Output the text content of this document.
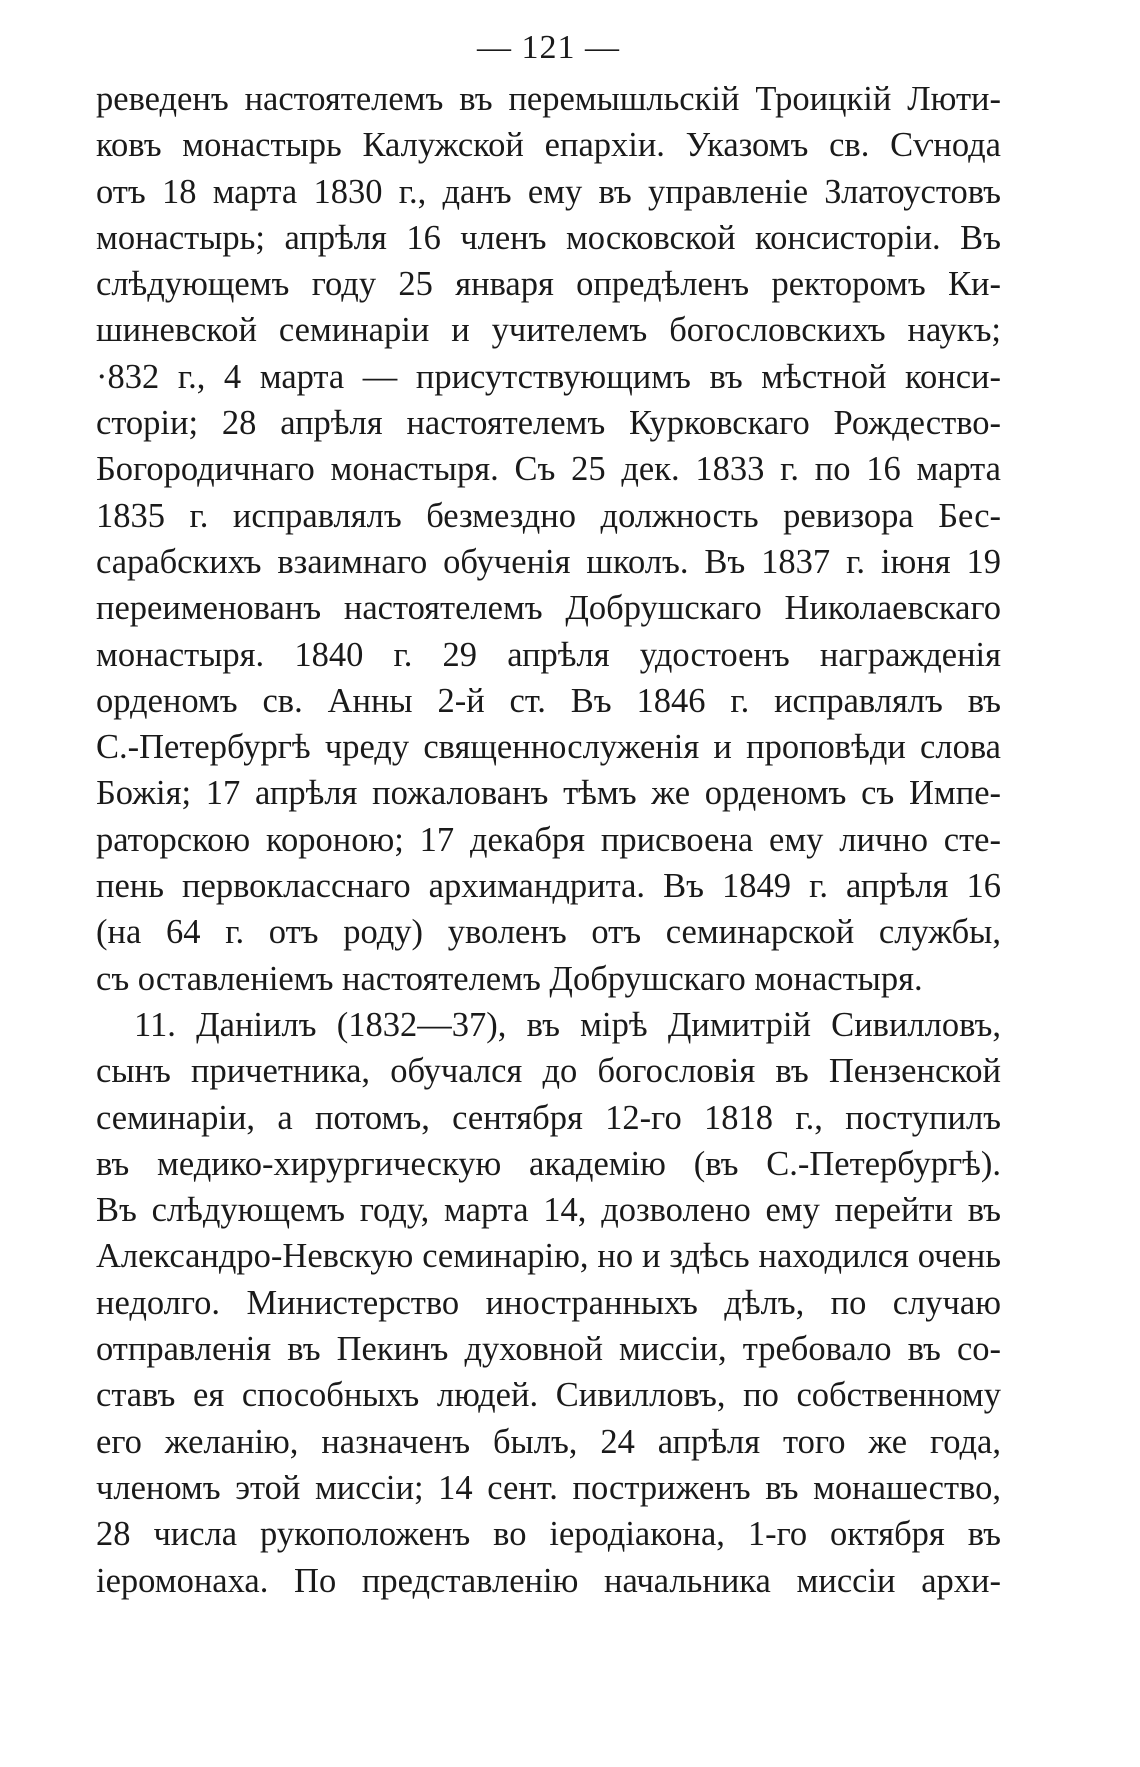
— 121 —
реведенъ настоятелемъ въ перемышльскій Троицкій Люти-
ковъ монастырь Калужской епархіи. Указомъ св. Сѵнода
отъ 18 марта 1830 г., данъ ему въ управленіе Златоустовъ
монастырь; апрѣля 16 членъ московской консисторіи. Въ
слѣдующемъ году 25 января опредѣленъ ректоромъ Ки-
шиневской семинаріи и учителемъ богословскихъ наукъ;
·832 г., 4 марта — присутствующимъ въ мѣстной конси-
сторіи; 28 апрѣля настоятелемъ Курковскаго Рождество-
Богородичнаго монастыря. Съ 25 дек. 1833 г. по 16 марта
1835 г. исправлялъ безмездно должность ревизора Бес-
сарабскихъ взаимнаго обученія школъ. Въ 1837 г. іюня 19
переименованъ настоятелемъ Добрушскаго Николаевскаго
монастыря. 1840 г. 29 апрѣля удостоенъ награжденія
орденомъ св. Анны 2-й ст. Въ 1846 г. исправлялъ въ
С.-Петербургѣ чреду священнослуженія и проповѣди слова
Божія; 17 апрѣля пожалованъ тѣмъ же орденомъ съ Импе-
раторскою короною; 17 декабря присвоена ему лично сте-
пень первокласснаго архимандрита. Въ 1849 г. апрѣля 16
(на 64 г. отъ роду) уволенъ отъ семинарской службы,
съ оставленіемъ настоятелемъ Добрушскаго монастыря.
11. Даніилъ (1832—37), въ мірѣ Димитрій Сивилловъ,
сынъ причетника, обучался до богословія въ Пензенской
семинаріи, а потомъ, сентября 12-го 1818 г., поступилъ
въ медико-хирургическую академію (въ С.-Петербургѣ).
Въ слѣдующемъ году, марта 14, дозволено ему перейти въ
Александро-Невскую семинарію, но и здѣсь находился очень
недолго. Министерство иностранныхъ дѣлъ, по случаю
отправленія въ Пекинъ духовной миссіи, требовало въ со-
ставъ ея способныхъ людей. Сивилловъ, по собственному
его желанію, назначенъ былъ, 24 апрѣля того же года,
членомъ этой миссіи; 14 сент. постриженъ въ монашество,
28 числа рукоположенъ во іеродіакона, 1-го октября въ
іеромонаха. По представленію начальника миссіи архи-
